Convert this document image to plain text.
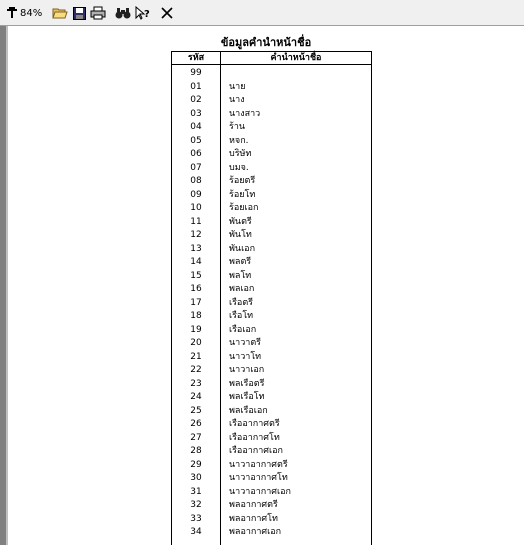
84%	?
ข้อมูลคำนำหน้าชื่อ
รหัส	คำนำหน้าชื่อ
99
01	นาย
02	นาง
03	นางสาว
04	ร้าน
05	หจก.
06	บริษัท
07	บมจ.
08	ร้อยตรี
09	ร้อยโท
10	ร้อยเอก
11	พันตรี
12	พันโท
13	พันเอก
14	พลตรี
15	พลโท
16	พลเอก
17	เรือตรี
18	เรือโท
19	เรือเอก
20	นาวาตรี
21	นาวาโท
22	นาวาเอก
23	พลเรือตรี
24	พลเรือโท
25	พลเรือเอก
26	เรืออากาศตรี
27	เรืออากาศโท
28	เรืออากาศเอก
29	นาวาอากาศตรี
30	นาวาอากาศโท
31	นาวาอากาศเอก
32	พลอากาศตรี
33	พลอากาศโท
34	พลอากาศเอก
